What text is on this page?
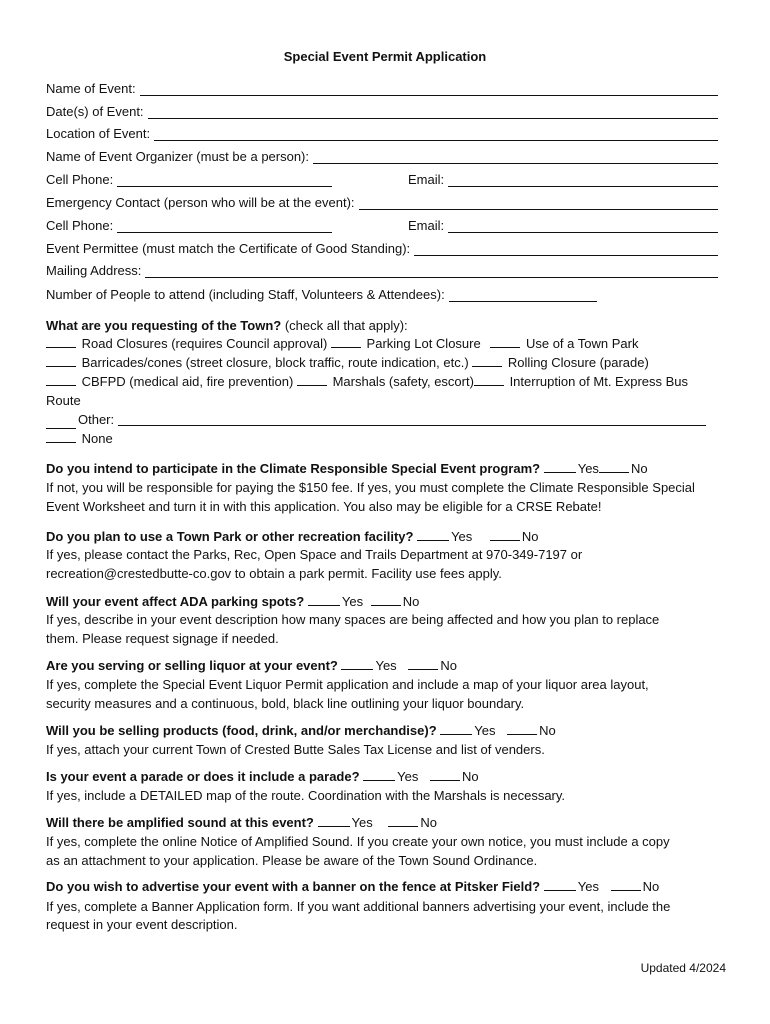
Special Event Permit Application
Name of Event:
Date(s) of Event:
Location of Event:
Name of Event Organizer (must be a person):
Cell Phone:	Email:
Emergency Contact (person who will be at the event):
Cell Phone:	Email:
Event Permittee (must match the Certificate of Good Standing):
Mailing Address:
Number of People to attend (including Staff, Volunteers & Attendees):
What are you requesting of the Town? (check all that apply):
Road Closures (requires Council approval)	Parking Lot Closure	Use of a Town Park
Barricades/cones (street closure, block traffic, route indication, etc.)	Rolling Closure (parade)
CBFPD (medical aid, fire prevention)	Marshals (safety, escort)	Interruption of Mt. Express Bus
Route
Other:
None
Do you intend to participate in the Climate Responsible Special Event program?	Yes No
If not, you will be responsible for paying the $150 fee. If yes, you must complete the Climate Responsible Special
Event Worksheet and turn it in with this application. You also may be eligible for a CRSE Rebate!
Do you plan to use a Town Park or other recreation facility?	Yes	No
If yes, please contact the Parks, Rec, Open Space and Trails Department at 970-349-7197 or
recreation@crestedbutte-co.gov to obtain a park permit. Facility use fees apply.
Will your event affect ADA parking spots?	Yes	No
If yes, describe in your event description how many spaces are being affected and how you plan to replace
them. Please request signage if needed.
Are you serving or selling liquor at your event?	Yes	No
If yes, complete the Special Event Liquor Permit application and include a map of your liquor area layout,
security measures and a continuous, bold, black line outlining your liquor boundary.
Will you be selling products (food, drink, and/or merchandise)?	Yes	No
If yes, attach your current Town of Crested Butte Sales Tax License and list of venders.
Is your event a parade or does it include a parade?	Yes	No
If yes, include a DETAILED map of the route. Coordination with the Marshals is necessary.
Will there be amplified sound at this event?	Yes	No
If yes, complete the online Notice of Amplified Sound. If you create your own notice, you must include a copy
as an attachment to your application. Please be aware of the Town Sound Ordinance.
Do you wish to advertise your event with a banner on the fence at Pitsker Field?	Yes	No
If yes, complete a Banner Application form. If you want additional banners advertising your event, include the
request in your event description.
Updated 4/2024
